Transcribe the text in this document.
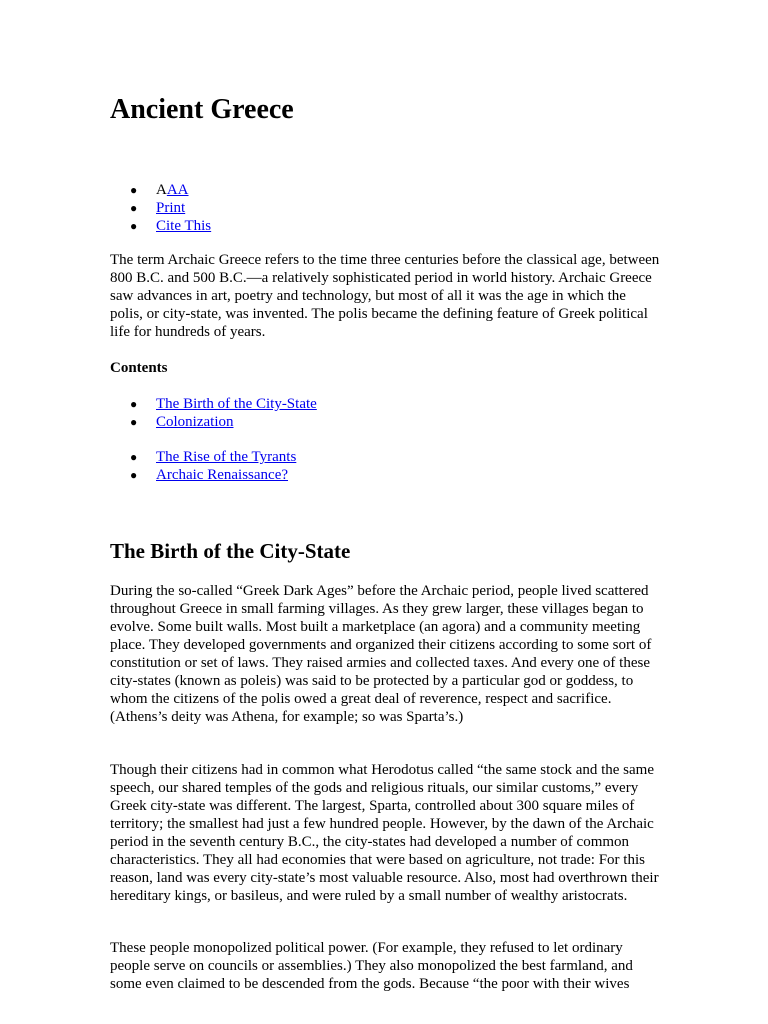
Ancient Greece
● AAA
● Print
● Cite This

The term Archaic Greece refers to the time three centuries before the classical age, between 800 B.C. and 500 B.C.—a relatively sophisticated period in world history. Archaic Greece saw advances in art, poetry and technology, but most of all it was the age in which the polis, or city-state, was invented. The polis became the defining feature of Greek political life for hundreds of years.

Contents
● The Birth of the City-State
● Colonization
● The Rise of the Tyrants
● Archaic Renaissance?
The Birth of the City-State

During the so-called “Greek Dark Ages” before the Archaic period, people lived scattered throughout Greece in small farming villages. As they grew larger, these villages began to evolve. Some built walls. Most built a marketplace (an agora) and a community meeting place. They developed governments and organized their citizens according to some sort of constitution or set of laws. They raised armies and collected taxes. And every one of these city-states (known as poleis) was said to be protected by a particular god or goddess, to whom the citizens of the polis owed a great deal of reverence, respect and sacrifice. (Athens’s deity was Athena, for example; so was Sparta’s.)

Though their citizens had in common what Herodotus called “the same stock and the same speech, our shared temples of the gods and religious rituals, our similar customs,” every Greek city-state was different. The largest, Sparta, controlled about 300 square miles of territory; the smallest had just a few hundred people. However, by the dawn of the Archaic period in the seventh century B.C., the city-states had developed a number of common characteristics. They all had economies that were based on agriculture, not trade: For this reason, land was every city-state’s most valuable resource. Also, most had overthrown their hereditary kings, or basileus, and were ruled by a small number of wealthy aristocrats.

These people monopolized political power. (For example, they refused to let ordinary people serve on councils or assemblies.) They also monopolized the best farmland, and some even claimed to be descended from the gods. Because “the poor with their wives
